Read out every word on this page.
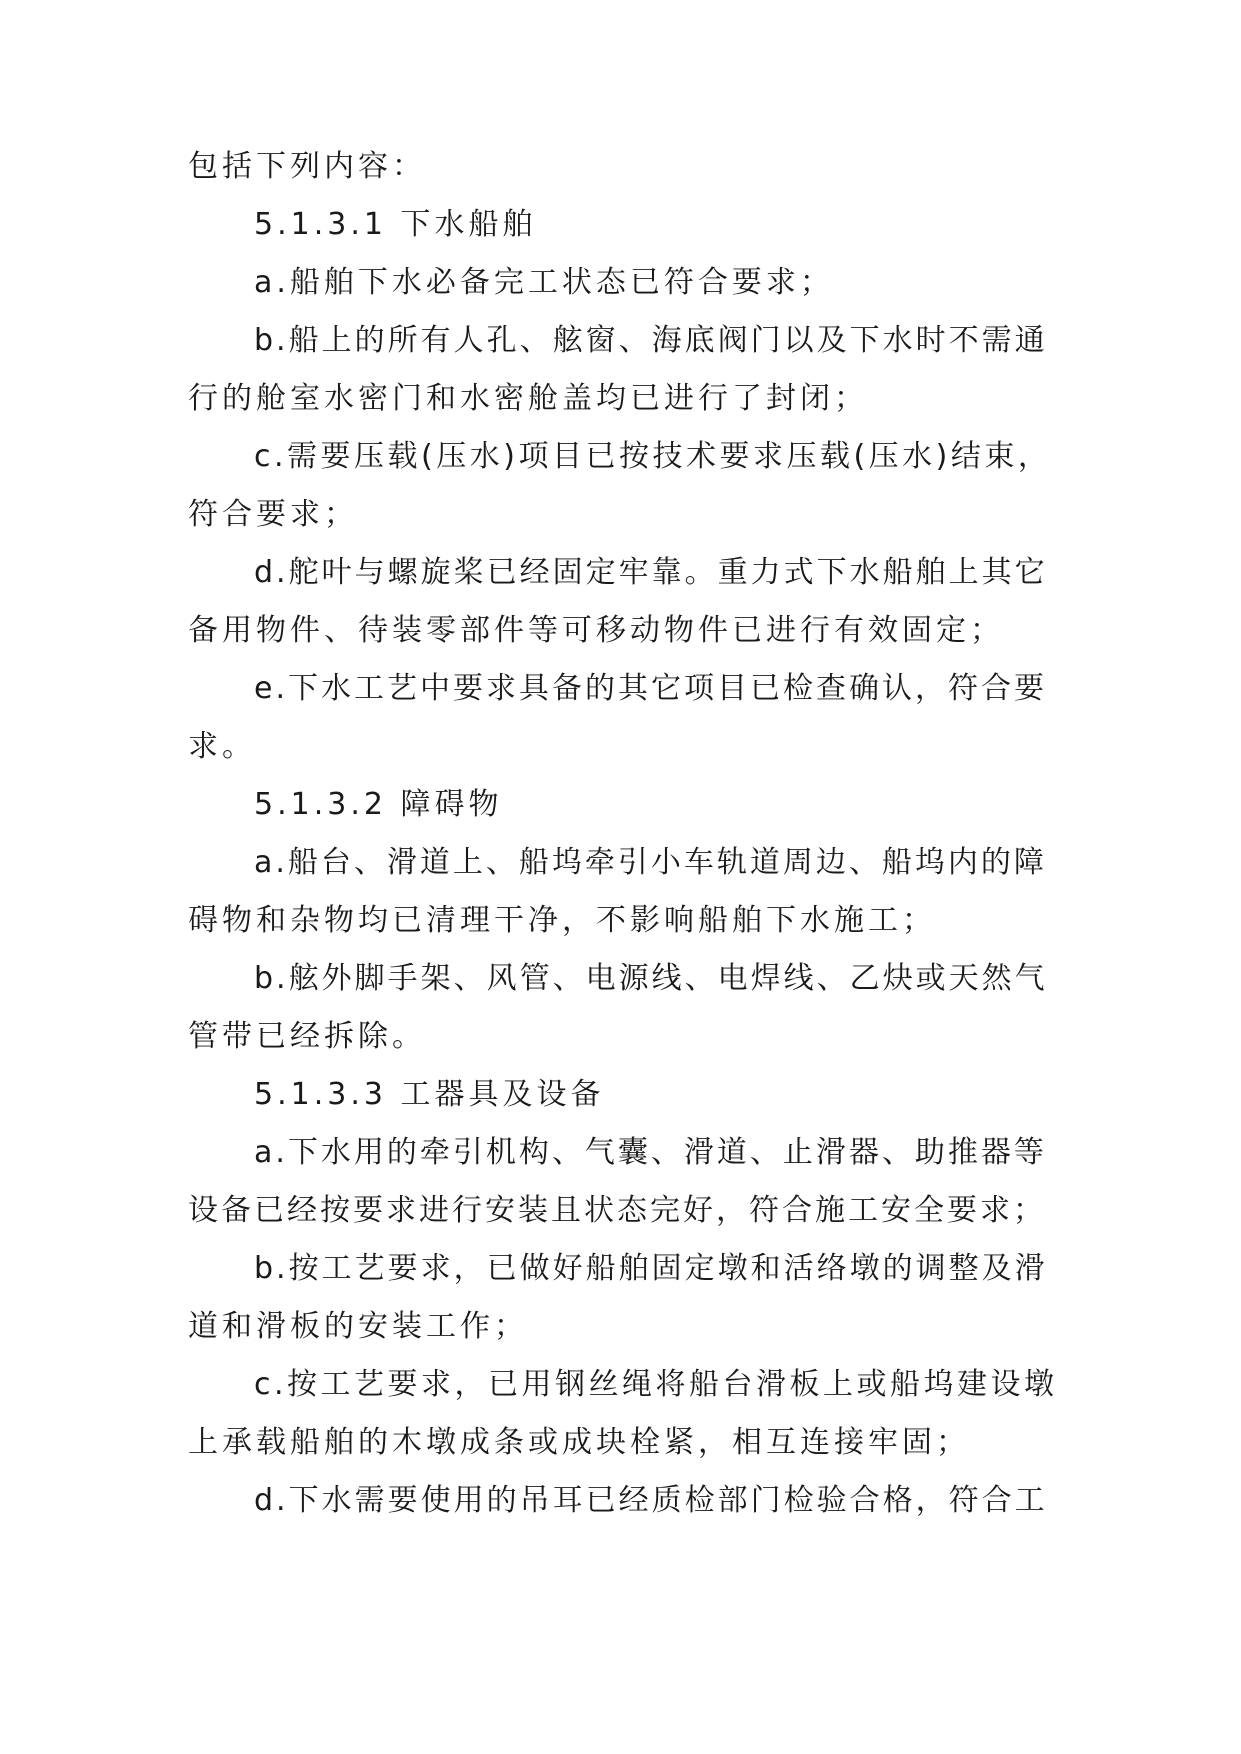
包括下列内容：
5.1.3.1 下水船舶
a.船舶下水必备完工状态已符合要求；
b.船上的所有人孔、舷窗、海底阀门以及下水时不需通
行的舱室水密门和水密舱盖均已进行了封闭；
c.需要压载(压水)项目已按技术要求压载(压水)结束，
符合要求；
d.舵叶与螺旋桨已经固定牢靠。重力式下水船舶上其它
备用物件、待装零部件等可移动物件已进行有效固定；
e.下水工艺中要求具备的其它项目已检查确认，符合要
求。
5.1.3.2 障碍物
a.船台、滑道上、船坞牵引小车轨道周边、船坞内的障
碍物和杂物均已清理干净，不影响船舶下水施工；
b.舷外脚手架、风管、电源线、电焊线、乙炔或天然气
管带已经拆除。
5.1.3.3 工器具及设备
a.下水用的牵引机构、气囊、滑道、止滑器、助推器等
设备已经按要求进行安装且状态完好，符合施工安全要求；
b.按工艺要求，已做好船舶固定墩和活络墩的调整及滑
道和滑板的安装工作；
c.按工艺要求，已用钢丝绳将船台滑板上或船坞建设墩
上承载船舶的木墩成条或成块栓紧，相互连接牢固；
d.下水需要使用的吊耳已经质检部门检验合格，符合工
